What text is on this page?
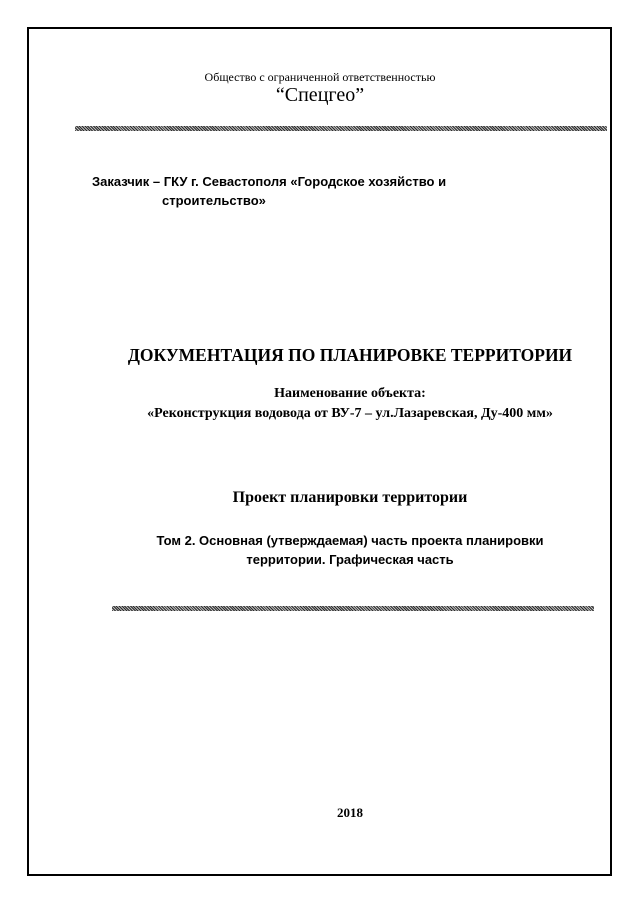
Общество с ограниченной ответственностью
“Спецгео”
Заказчик – ГКУ г. Севастополя «Городское хозяйство и
строительство»
ДОКУМЕНТАЦИЯ ПО ПЛАНИРОВКЕ ТЕРРИТОРИИ
Наименование объекта:
«Реконструкция водовода от ВУ-7 – ул.Лазаревская, Ду-400 мм»
Проект планировки территории
Том 2. Основная (утверждаемая) часть проекта планировки
территории. Графическая часть
2018
